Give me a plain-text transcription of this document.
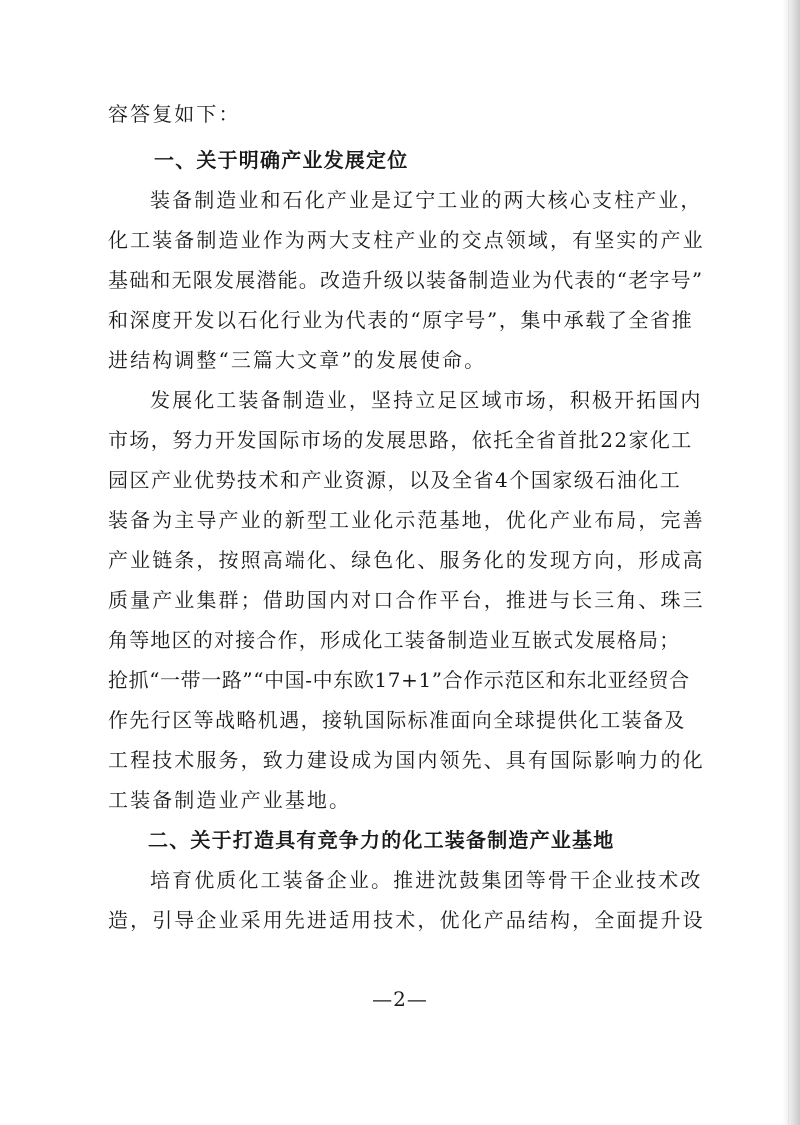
容答复如下：
一、关于明确产业发展定位
装备制造业和石化产业是辽宁工业的两大核心支柱产业，
化工装备制造业作为两大支柱产业的交点领域，有坚实的产业
基础和无限发展潜能。改造升级以装备制造业为代表的“老字号”
和深度开发以石化行业为代表的“原字号”，集中承载了全省推
进结构调整“三篇大文章”的发展使命。
发展化工装备制造业，坚持立足区域市场，积极开拓国内
市场，努力开发国际市场的发展思路，依托全省首批22家化工
园区产业优势技术和产业资源，以及全省4个国家级石油化工
装备为主导产业的新型工业化示范基地，优化产业布局，完善
产业链条，按照高端化、绿色化、服务化的发现方向，形成高
质量产业集群；借助国内对口合作平台，推进与长三角、珠三
角等地区的对接合作，形成化工装备制造业互嵌式发展格局；
抢抓“一带一路”“中国-中东欧17+1”合作示范区和东北亚经贸合
作先行区等战略机遇，接轨国际标准面向全球提供化工装备及
工程技术服务，致力建设成为国内领先、具有国际影响力的化
工装备制造业产业基地。
二、关于打造具有竞争力的化工装备制造产业基地
培育优质化工装备企业。推进沈鼓集团等骨干企业技术改
造，引导企业采用先进适用技术，优化产品结构，全面提升设
—2—
